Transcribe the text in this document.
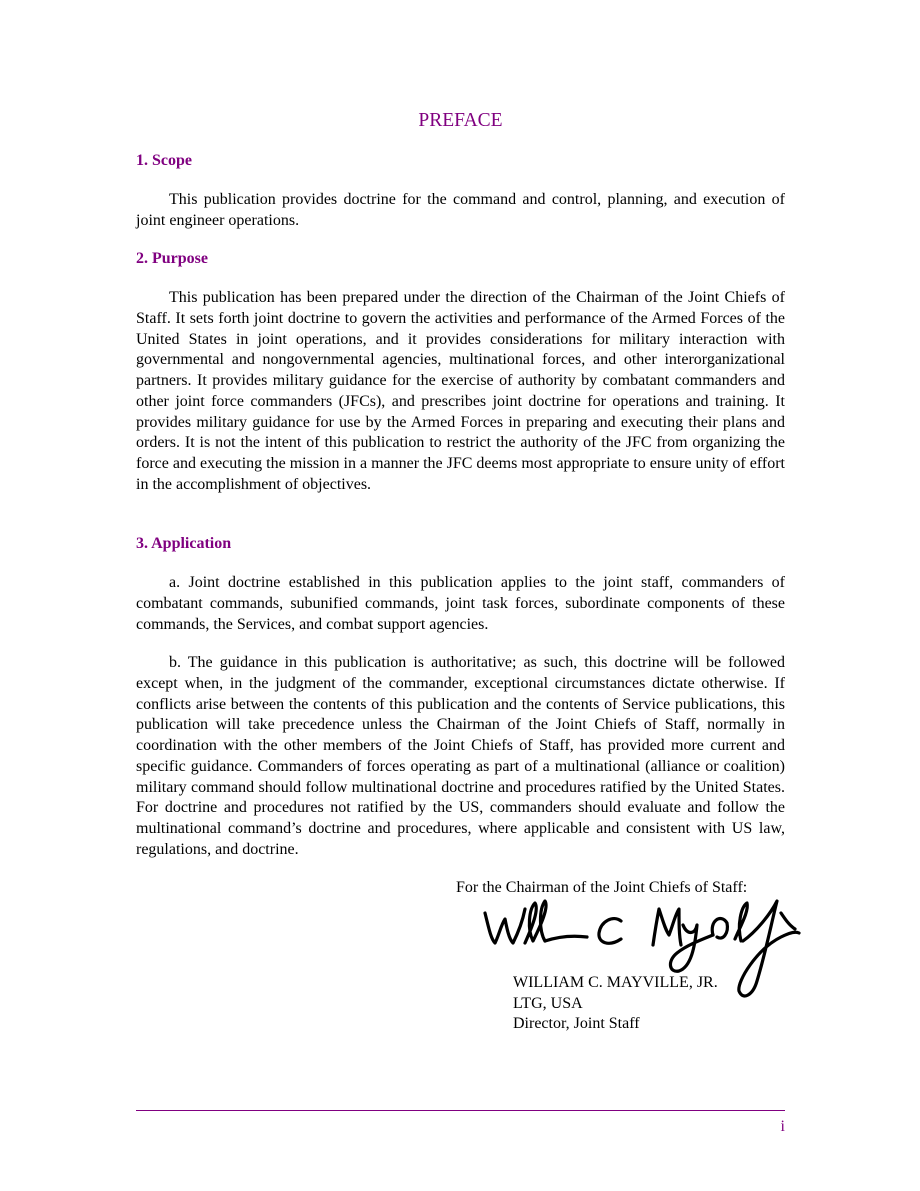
PREFACE
1. Scope

This publication provides doctrine for the command and control, planning, and execution of joint engineer operations.

2. Purpose

This publication has been prepared under the direction of the Chairman of the Joint Chiefs of Staff. It sets forth joint doctrine to govern the activities and performance of the Armed Forces of the United States in joint operations, and it provides considerations for military interaction with governmental and nongovernmental agencies, multinational forces, and other interorganizational partners. It provides military guidance for the exercise of authority by combatant commanders and other joint force commanders (JFCs), and prescribes joint doctrine for operations and training. It provides military guidance for use by the Armed Forces in preparing and executing their plans and orders. It is not the intent of this publication to restrict the authority of the JFC from organizing the force and executing the mission in a manner the JFC deems most appropriate to ensure unity of effort in the accomplishment of objectives.

3. Application

a. Joint doctrine established in this publication applies to the joint staff, commanders of combatant commands, subunified commands, joint task forces, subordinate components of these commands, the Services, and combat support agencies.

b. The guidance in this publication is authoritative; as such, this doctrine will be followed except when, in the judgment of the commander, exceptional circumstances dictate otherwise. If conflicts arise between the contents of this publication and the contents of Service publications, this publication will take precedence unless the Chairman of the Joint Chiefs of Staff, normally in coordination with the other members of the Joint Chiefs of Staff, has provided more current and specific guidance. Commanders of forces operating as part of a multinational (alliance or coalition) military command should follow multinational doctrine and procedures ratified by the United States. For doctrine and procedures not ratified by the US, commanders should evaluate and follow the multinational command’s doctrine and procedures, where applicable and consistent with US law, regulations, and doctrine.

For the Chairman of the Joint Chiefs of Staff:

WILLIAM C. MAYVILLE, JR.
LTG, USA
Director, Joint Staff
i
